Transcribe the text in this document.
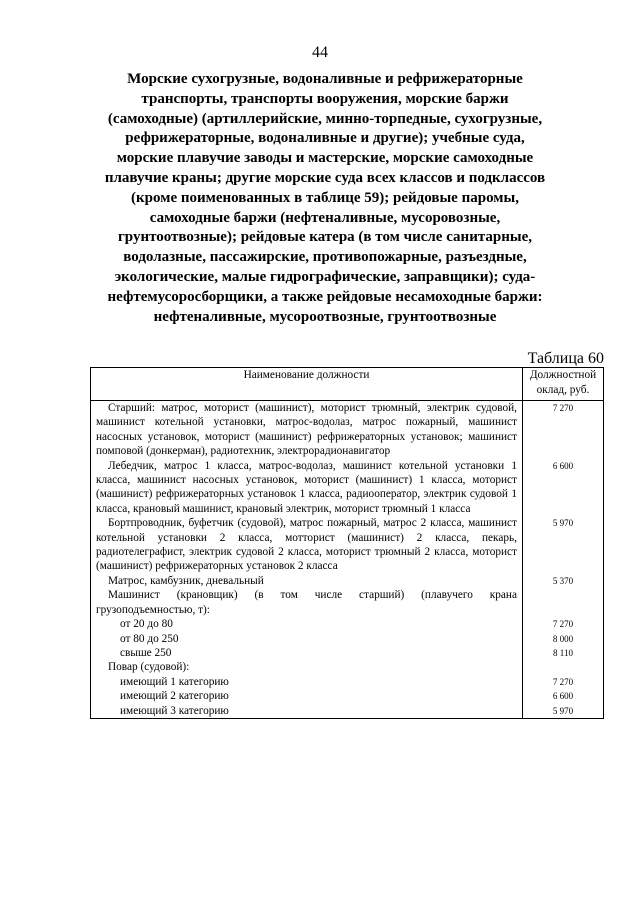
44
Морские сухогрузные, водоналивные и рефрижераторные
транспорты, транспорты вооружения, морские баржи
(самоходные) (артиллерийские, минно-торпедные, сухогрузные,
рефрижераторные, водоналивные и другие); учебные суда,
морские плавучие заводы и мастерские, морские самоходные
плавучие краны; другие морские суда всех классов и подклассов
(кроме поименованных в таблице 59); рейдовые паромы,
самоходные баржи (нефтеналивные, мусоровозные,
грунтоотвозные); рейдовые катера (в том числе санитарные,
водолазные, пассажирские, противопожарные, разъездные,
экологические, малые гидрографические, заправщики); суда-
нефтемусоросборщики, а также рейдовые несамоходные баржи:
нефтеналивные, мусороотвозные, грунтоотвозные
Таблица 60
Наименование должности	Должностной оклад, руб.

Старший: матрос, моторист (машинист), моторист трюмный, электрик судовой, машинист котельной установки, матрос-водолаз, матрос пожарный, машинист насосных установок, моторист (машинист) рефрижераторных установок; машинист помповой (донкерман), радиотехник, электрорадионавигатор	7 270

Лебедчик, матрос 1 класса, матрос-водолаз, машинист котельной установки 1 класса, машинист насосных установок, моторист (машинист) 1 класса, моторист (машинист) рефрижераторных установок 1 класса, радиооператор, электрик судовой 1 класса, крановый машинист, крановый электрик, моторист трюмный 1 класса	6 600

Бортпроводник, буфетчик (судовой), матрос пожарный, матрос 2 класса, машинист котельной установки 2 класса, мотторист (машинист) 2 класса, пекарь, радиотелеграфист, электрик судовой 2 класса, моторист трюмный 2 класса, моторист (машинист) рефрижераторных установок 2 класса	5 970

Матрос, камбузник, дневальный	5 370

Машинист (крановщик) (в том числе старший) (плавучего крана грузоподъемностью, т):	

от 20 до 80	7 270

от 80 до 250	8 000

свыше 250	8 110

Повар (судовой):	

имеющий 1 категорию	7 270

имеющий 2 категорию	6 600

имеющий 3 категорию	5 970
